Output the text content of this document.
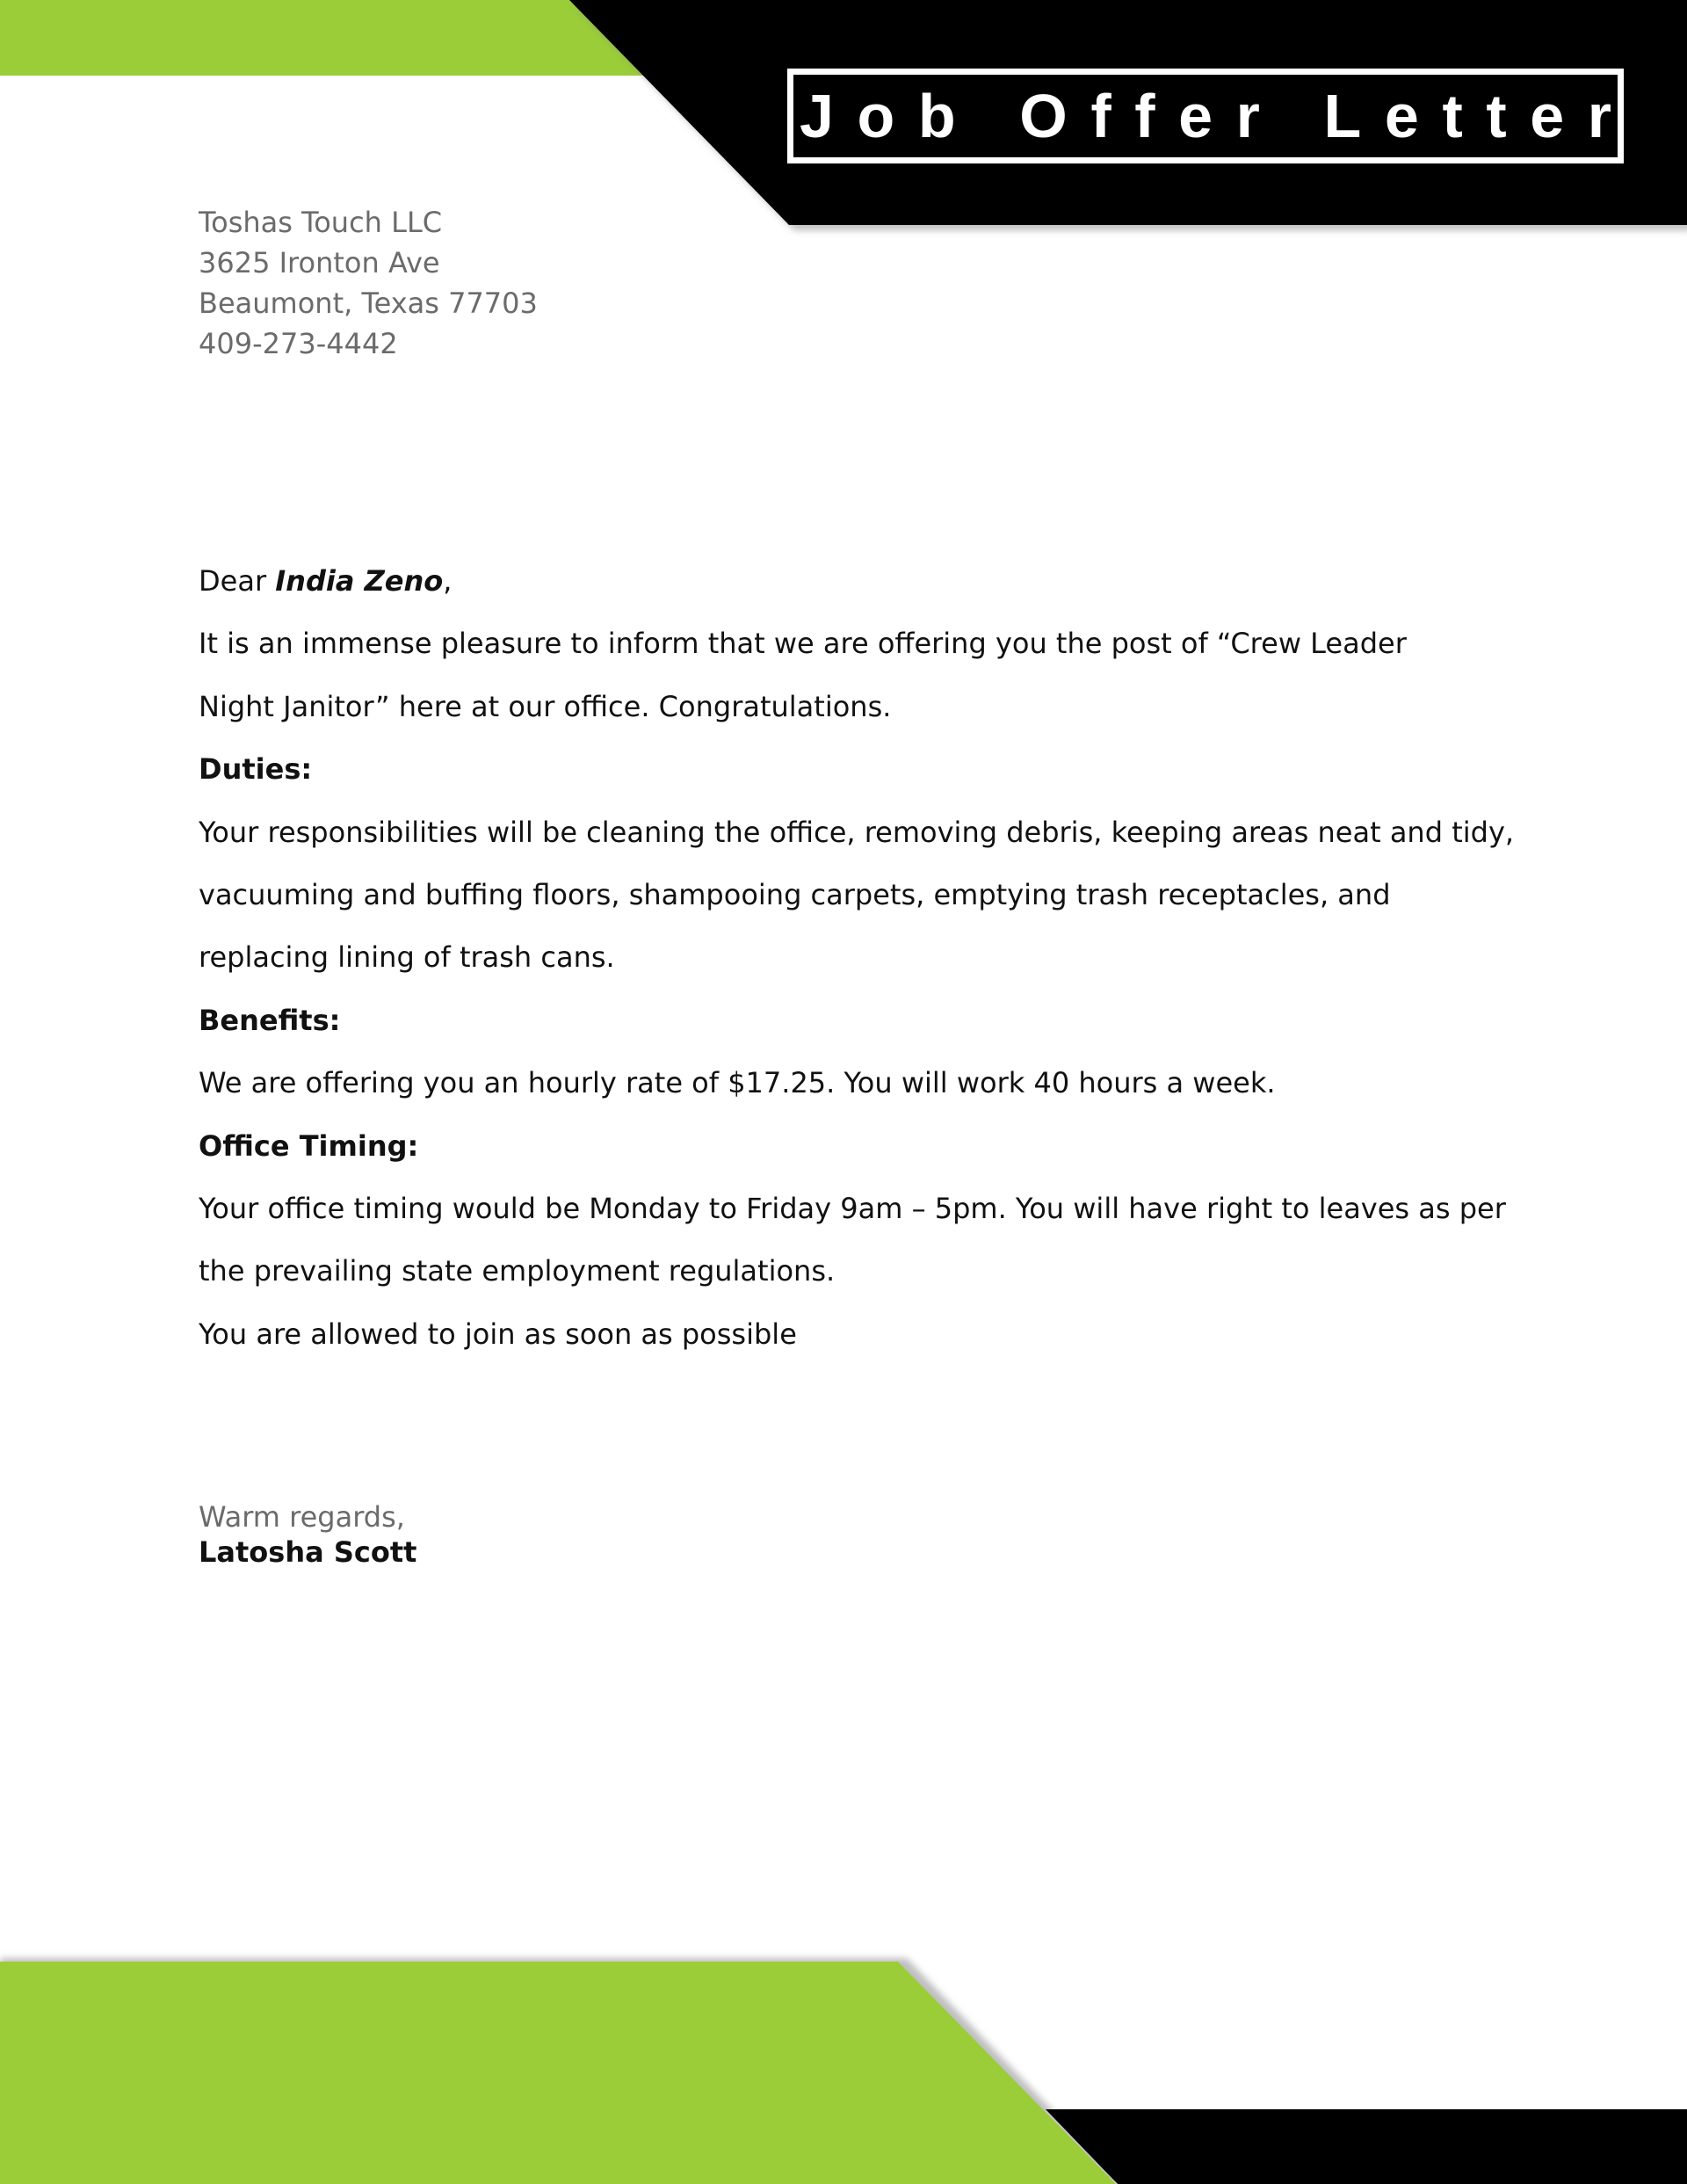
Job Offer Letter
Toshas Touch LLC
3625 Ironton Ave
Beaumont, Texas 77703
409-273-4442
Dear India Zeno,
It is an immense pleasure to inform that we are offering you the post of “Crew Leader
Night Janitor” here at our office. Congratulations.
Duties:
Your responsibilities will be cleaning the office, removing debris, keeping areas neat and tidy,
vacuuming and buffing floors, shampooing carpets, emptying trash receptacles, and
replacing lining of trash cans.
Benefits:
We are offering you an hourly rate of $17.25. You will work 40 hours a week.
Office Timing:
Your office timing would be Monday to Friday 9am – 5pm. You will have right to leaves as per
the prevailing state employment regulations.
You are allowed to join as soon as possible
Warm regards,
Latosha Scott
